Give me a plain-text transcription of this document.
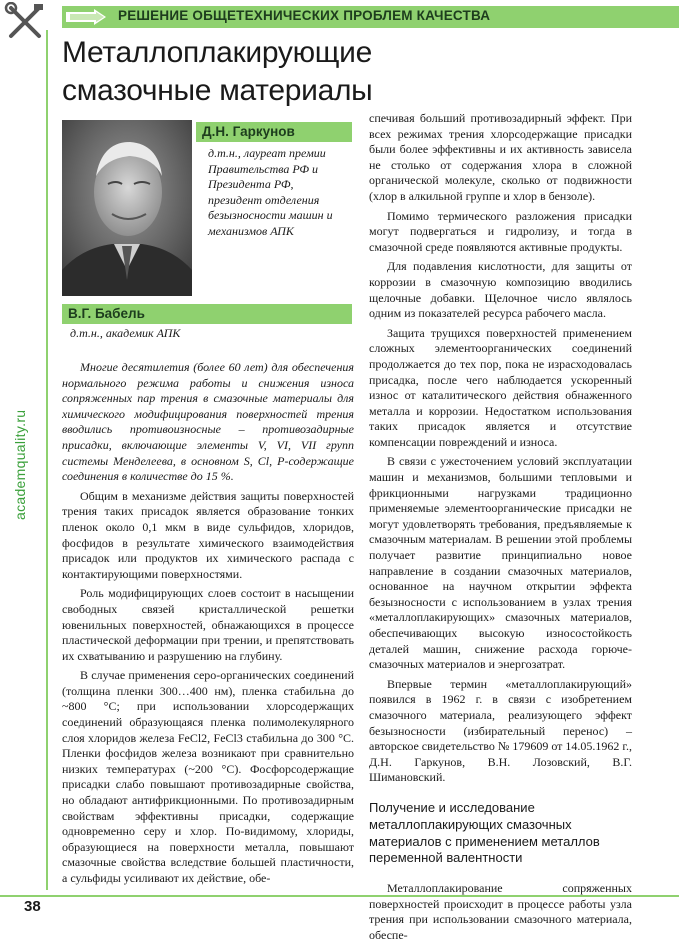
РЕШЕНИЕ ОБЩЕТЕХНИЧЕСКИХ ПРОБЛЕМ КАЧЕСТВА
academquality.ru
Металлоплакирующие
смазочные материалы
Д.Н. Гаркунов
д.т.н., лауреат премии Правительства РФ и Президента РФ, президент отделения безызносности машин и механизмов АПК
В.Г. Бабель
д.т.н., академик АПК

Многие десятилетия (более 60 лет) для обеспечения нормального режима работы и снижения износа сопряженных пар трения в смазочные материалы для химического модифицирования поверхностей трения вводились противоизносные – противозадирные присадки, включающие элементы V, VI, VII групп системы Менделеева, в основном S, Cl, P-содержащие соединения в количестве до 15 %.

Общим в механизме действия защиты поверхностей трения таких присадок является образование тонких пленок около 0,1 мкм в виде сульфидов, хлоридов, фосфидов в результате химического взаимодействия присадок или продуктов их химического распада с контактирующими поверхностями.

Роль модифицирующих слоев состоит в насыщении свободных связей кристаллической решетки ювенильных поверхностей, обнажающихся в процессе пластической деформации при трении, и препятствовать их схватыванию и разрушению на глубину.

В случае применения серо-органических соединений (толщина пленки 300…400 нм), пленка стабильна до ~800 °С; при использовании хлорсодержащих соединений образующаяся пленка полимолекулярного слоя хлоридов железа FeCl2, FeCl3 стабильна до 300 °С. Пленки фосфидов железа возникают при сравнительно низких температурах (~200 °С). Фосфорсодержащие присадки слабо повышают противозадирные свойства, но обладают антифрикционными. По противозадирным свойствам эффективны присадки, содержащие одновременно серу и хлор. По-видимому, хлориды, образующиеся на поверхности металла, повышают смазочные свойства вследствие большей пластичности, а сульфиды усиливают их действие, обе-

спечивая больший противозадирный эффект. При всех режимах трения хлорсодержащие присадки были более эффективны и их активность зависела не столько от содержания хлора в сложной органической молекуле, сколько от подвижности (хлор в алкильной группе и хлор в бензоле).

Помимо термического разложения присадки могут подвергаться и гидролизу, и тогда в смазочной среде появляются активные продукты.

Для подавления кислотности, для защиты от коррозии в смазочную композицию вводились щелочные добавки. Щелочное число являлось одним из показателей ресурса рабочего масла.

Защита трущихся поверхностей применением сложных элементоорганических соединений продолжается до тех пор, пока не израсходовалась присадка, после чего наблюдается ускоренный износ от каталитического действия обнаженного металла и коррозии. Недостатком использования таких присадок является и отсутствие компенсации повреждений и износа.

В связи с ужесточением условий эксплуатации машин и механизмов, большими тепловыми и фрикционными нагрузками традиционно применяемые элементоорганические присадки не могут удовлетворять требования, предъявляемые к смазочным материалам. В решении этой проблемы получает развитие принципиально новое направление в создании смазочных материалов, основанное на научном открытии эффекта безызносности с использованием в узлах трения «металлоплакирующих» смазочных материалов, обеспечивающих высокую износостойкость деталей машин, снижение расхода горюче-смазочных материалов и энергозатрат.

Впервые термин «металлоплакирующий» появился в 1962 г. в связи с изобретением смазочного материала, реализующего эффект безызносности (избирательный перенос) – авторское свидетельство № 179609 от 14.05.1962 г., Д.Н. Гаркунов, В.Н. Лозовский, В.Г. Шимановский.

Получение и исследование металлоплакирующих смазочных материалов с применением металлов переменной валентности

Металлоплакирование сопряженных поверхностей происходит в процессе работы узла трения при использовании смазочного материала, обеспе-

38
